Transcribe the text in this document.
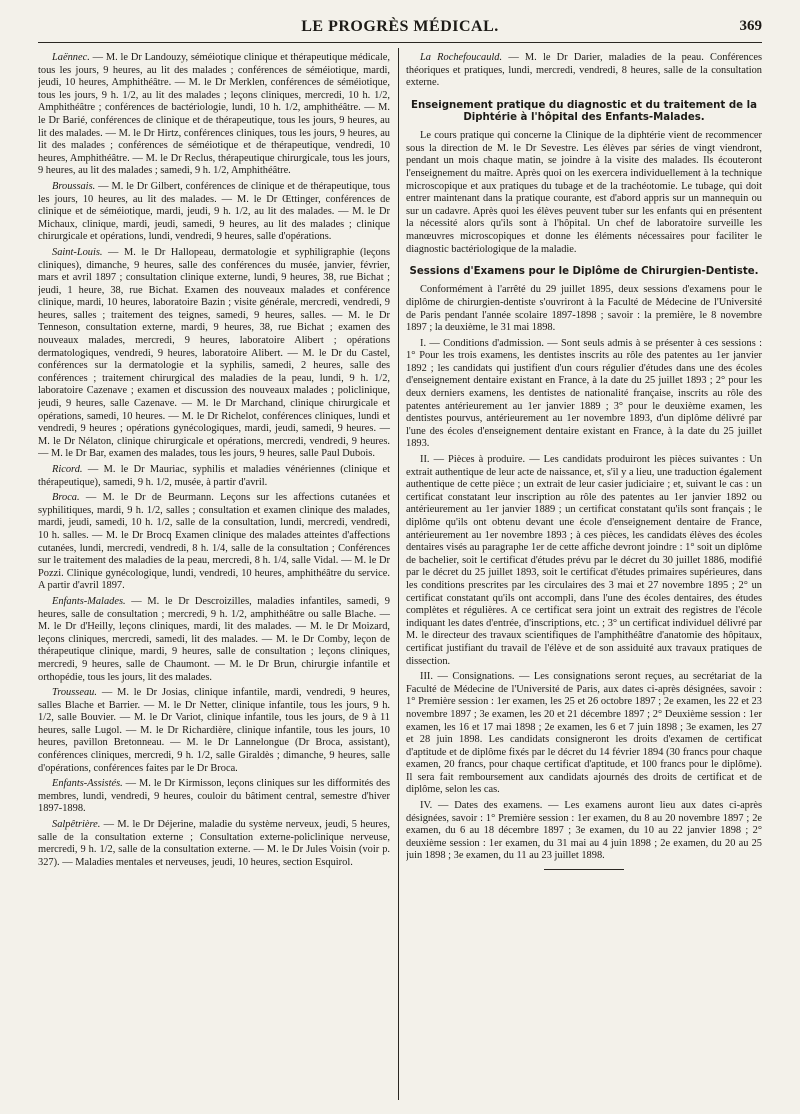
LE PROGRÈS MÉDICAL.	369

Laënnec. — M. le Dr Landouzy, séméiotique clinique et thérapeutique médicale, tous les jours, 9 heures, au lit des malades ; conférences de séméiotique, mardi, jeudi, 10 heures, Amphithéâtre. — M. le Dr Merklen, conférences de séméiotique, tous les jours, 9 h. 1/2, au lit des malades ; leçons cliniques, mercredi, 10 h. 1/2, Amphithéâtre ; conférences de bactériologie, lundi, 10 h. 1/2, amphithéâtre. — M. le Dr Barié, conférences de clinique et de thérapeutique, tous les jours, 9 heures, au lit des malades. — M. le Dr Hirtz, conférences cliniques, tous les jours, 9 heures, au lit des malades ; conférences de séméiotique et de thérapeutique, vendredi, 10 heures, Amphithéâtre. — M. le Dr Reclus, thérapeutique chirurgicale, tous les jours, 9 heures, au lit des malades ; samedi, 9 h. 1/2, Amphithéâtre.

Broussais. — M. le Dr Gilbert, conférences de clinique et de thérapeutique, tous les jours, 10 heures, au lit des malades. — M. le Dr Œttinger, conférences de clinique et de séméiotique, mardi, jeudi, 9 h. 1/2, au lit des malades. — M. le Dr Michaux, clinique, mardi, jeudi, samedi, 9 heures, au lit des malades ; clinique chirurgicale et opérations, lundi, vendredi, 9 heures, salle d'opérations.

Saint-Louis. — M. le Dr Hallopeau, dermatologie et syphiligraphie (leçons cliniques), dimanche, 9 heures, salle des conférences du musée, janvier, février, mars et avril 1897 ; consultation clinique externe, lundi, 9 heures, 38, rue Bichat ; jeudi, 1 heure, 38, rue Bichat. Examen des nouveaux malades et conférence clinique, mardi, 10 heures, laboratoire Bazin ; visite générale, mercredi, vendredi, 9 heures, salles ; traitement des teignes, samedi, 9 heures, salles. — M. le Dr Tenneson, consultation externe, mardi, 9 heures, 38, rue Bichat ; examen des nouveaux malades, mercredi, 9 heures, laboratoire Alibert ; opérations dermatologiques, vendredi, 9 heures, laboratoire Alibert. — M. le Dr du Castel, conférences sur la dermatologie et la syphilis, samedi, 2 heures, salle des conférences ; traitement chirurgical des maladies de la peau, lundi, 9 h. 1/2, laboratoire Cazenave ; examen et discussion des nouveaux malades ; policlinique, jeudi, 9 heures, salle Cazenave. — M. le Dr Marchand, clinique chirurgicale et opérations, samedi, 10 heures. — M. le Dr Richelot, conférences cliniques, lundi et vendredi, 9 heures ; opérations gynécologiques, mardi, jeudi, samedi, 9 heures. — M. le Dr Nélaton, clinique chirurgicale et opérations, mercredi, vendredi, 9 heures. — M. le Dr Bar, examen des malades, tous les jours, 9 heures, salle Paul Dubois.

Ricord. — M. le Dr Mauriac, syphilis et maladies vénériennes (clinique et thérapeutique), samedi, 9 h. 1/2, musée, à partir d'avril.

Broca. — M. le Dr de Beurmann. Leçons sur les affections cutanées et syphilitiques, mardi, 9 h. 1/2, salles ; consultation et examen clinique des malades, mardi, jeudi, samedi, 10 h. 1/2, salle de la consultation, lundi, mercredi, vendredi, 10 h. salles. — M. le Dr Brocq Examen clinique des malades atteintes d'affections cutanées, lundi, mercredi, vendredi, 8 h. 1/4, salle de la consultation ; Conférences sur le traitement des maladies de la peau, mercredi, 8 h. 1/4, salle Vidal. — M. le Dr Pozzi. Clinique gynécologique, lundi, vendredi, 10 heures, amphithéâtre du service. A partir d'avril 1897.

Enfants-Malades. — M. le Dr Descroizilles, maladies infantiles, samedi, 9 heures, salle de consultation ; mercredi, 9 h. 1/2, amphithéâtre ou salle Blache. — M. le Dr d'Heilly, leçons cliniques, mardi, lit des malades. — M. le Dr Moizard, leçons cliniques, mercredi, samedi, lit des malades. — M. le Dr Comby, leçon de thérapeutique clinique, mardi, 9 heures, salle de consultation ; leçons cliniques, mercredi, 9 heures, salle de Chaumont. — M. le Dr Brun, chirurgie infantile et orthopédie, tous les jours, lit des malades.

Trousseau. — M. le Dr Josias, clinique infantile, mardi, vendredi, 9 heures, salles Blache et Barrier. — M. le Dr Netter, clinique infantile, tous les jours, 9 h. 1/2, salle Bouvier. — M. le Dr Variot, clinique infantile, tous les jours, de 9 à 11 heures, salle Lugol. — M. le Dr Richardière, clinique infantile, tous les jours, 10 heures, pavillon Bretonneau. — M. le Dr Lannelongue (Dr Broca, assistant), conférences cliniques, mercredi, 9 h. 1/2, salle Giraldès ; dimanche, 9 heures, salle d'opérations, conférences faites par le Dr Broca.

Enfants-Assistés. — M. le Dr Kirmisson, leçons cliniques sur les difformités des membres, lundi, vendredi, 9 heures, couloir du bâtiment central, semestre d'hiver 1897-1898.

Salpêtrière. — M. le Dr Déjerine, maladie du système nerveux, jeudi, 5 heures, salle de la consultation externe ; Consultation externe-policlinique nerveuse, mercredi, 9 h. 1/2, salle de la consultation externe. — M. le Dr Jules Voisin (voir p. 327). — Maladies mentales et nerveuses, jeudi, 10 heures, section Esquirol.

La Rochefoucauld. — M. le Dr Darier, maladies de la peau. Conférences théoriques et pratiques, lundi, mercredi, vendredi, 8 heures, salle de la consultation externe.

Enseignement pratique du diagnostic et du traitement de la Diphtérie à l'hôpital des Enfants-Malades.

Le cours pratique qui concerne la Clinique de la diphtérie vient de recommencer sous la direction de M. le Dr Sevestre. Les élèves par séries de vingt viendront, pendant un mois chaque matin, se joindre à la visite des malades. Ils écouteront l'enseignement du maître. Après quoi on les exercera individuellement à la technique microscopique et aux pratiques du tubage et de la trachéotomie. Le tubage, qui doit entrer maintenant dans la pratique courante, est d'abord appris sur un mannequin ou sur un cadavre. Après quoi les élèves peuvent tuber sur les enfants qui en présentent la nécessité alors qu'ils sont à l'hôpital. Un chef de laboratoire surveille les manœuvres microscopiques et donne les éléments nécessaires pour faciliter le diagnostic bactériologique de la maladie.

Sessions d'Examens pour le Diplôme de Chirurgien-Dentiste.

Conformément à l'arrêté du 29 juillet 1895, deux sessions d'examens pour le diplôme de chirurgien-dentiste s'ouvriront à la Faculté de Médecine de l'Université de Paris pendant l'année scolaire 1897-1898 ; savoir : la première, le 8 novembre 1897 ; la deuxième, le 31 mai 1898.

I. — Conditions d'admission. — Sont seuls admis à se présenter à ces sessions : 1° Pour les trois examens, les dentistes inscrits au rôle des patentes au 1er janvier 1892 ; les candidats qui justifient d'un cours régulier d'études dans une des écoles d'enseignement dentaire existant en France, à la date du 25 juillet 1893 ; 2° pour les deux derniers examens, les dentistes de nationalité française, inscrits au rôle des patentes antérieurement au 1er janvier 1889 ; 3° pour le deuxième examen, les dentistes pourvus, antérieurement au 1er novembre 1893, d'un diplôme délivré par l'une des écoles d'enseignement dentaire existant en France, à la date du 25 juillet 1893.

II. — Pièces à produire. — Les candidats produiront les pièces suivantes : Un extrait authentique de leur acte de naissance, et, s'il y a lieu, une traduction également authentique de cette pièce ; un extrait de leur casier judiciaire ; et, suivant le cas : un certificat constatant leur inscription au rôle des patentes au 1er janvier 1892 ou antérieurement au 1er janvier 1889 ; un certificat constatant qu'ils sont français ; le diplôme qu'ils ont obtenu devant une école d'enseignement dentaire de France, antérieurement au 1er novembre 1893 ; à ces pièces, les candidats élèves des écoles dentaires visés au paragraphe 1er de cette affiche devront joindre : 1° soit un diplôme de bachelier, soit le certificat d'études prévu par le décret du 30 juillet 1886, modifié par le décret du 25 juillet 1893, soit le certificat d'études primaires supérieures, dans les conditions prescrites par les circulaires des 3 mai et 27 novembre 1895 ; 2° un certificat constatant qu'ils ont accompli, dans l'une des écoles dentaires, des études complètes et régulières. A ce certificat sera joint un extrait des registres de l'école indiquant les dates d'entrée, d'inscriptions, etc. ; 3° un certificat individuel délivré par M. le directeur des travaux scientifiques de l'amphithéâtre d'anatomie des hôpitaux, certificat justifiant du travail de l'élève et de son assiduité aux travaux pratiques de dissection.

III. — Consignations. — Les consignations seront reçues, au secrétariat de la Faculté de Médecine de l'Université de Paris, aux dates ci-après désignées, savoir : 1° Première session : 1er examen, les 25 et 26 octobre 1897 ; 2e examen, les 22 et 23 novembre 1897 ; 3e examen, les 20 et 21 décembre 1897 ; 2° Deuxième session : 1er examen, les 16 et 17 mai 1898 ; 2e examen, les 6 et 7 juin 1898 ; 3e examen, les 27 et 28 juin 1898. Les candidats consigneront les droits d'examen de certificat d'aptitude et de diplôme fixés par le décret du 14 février 1894 (30 francs pour chaque examen, 20 francs, pour chaque certificat d'aptitude, et 100 francs pour le diplôme). Il sera fait remboursement aux candidats ajournés des droits de certificat et de diplôme, selon les cas.

IV. — Dates des examens. — Les examens auront lieu aux dates ci-après désignées, savoir : 1° Première session : 1er examen, du 8 au 20 novembre 1897 ; 2e examen, du 6 au 18 décembre 1897 ; 3e examen, du 10 au 22 janvier 1898 ; 2° deuxième session : 1er examen, du 31 mai au 4 juin 1898 ; 2e examen, du 20 au 25 juin 1898 ; 3e examen, du 11 au 23 juillet 1898.
